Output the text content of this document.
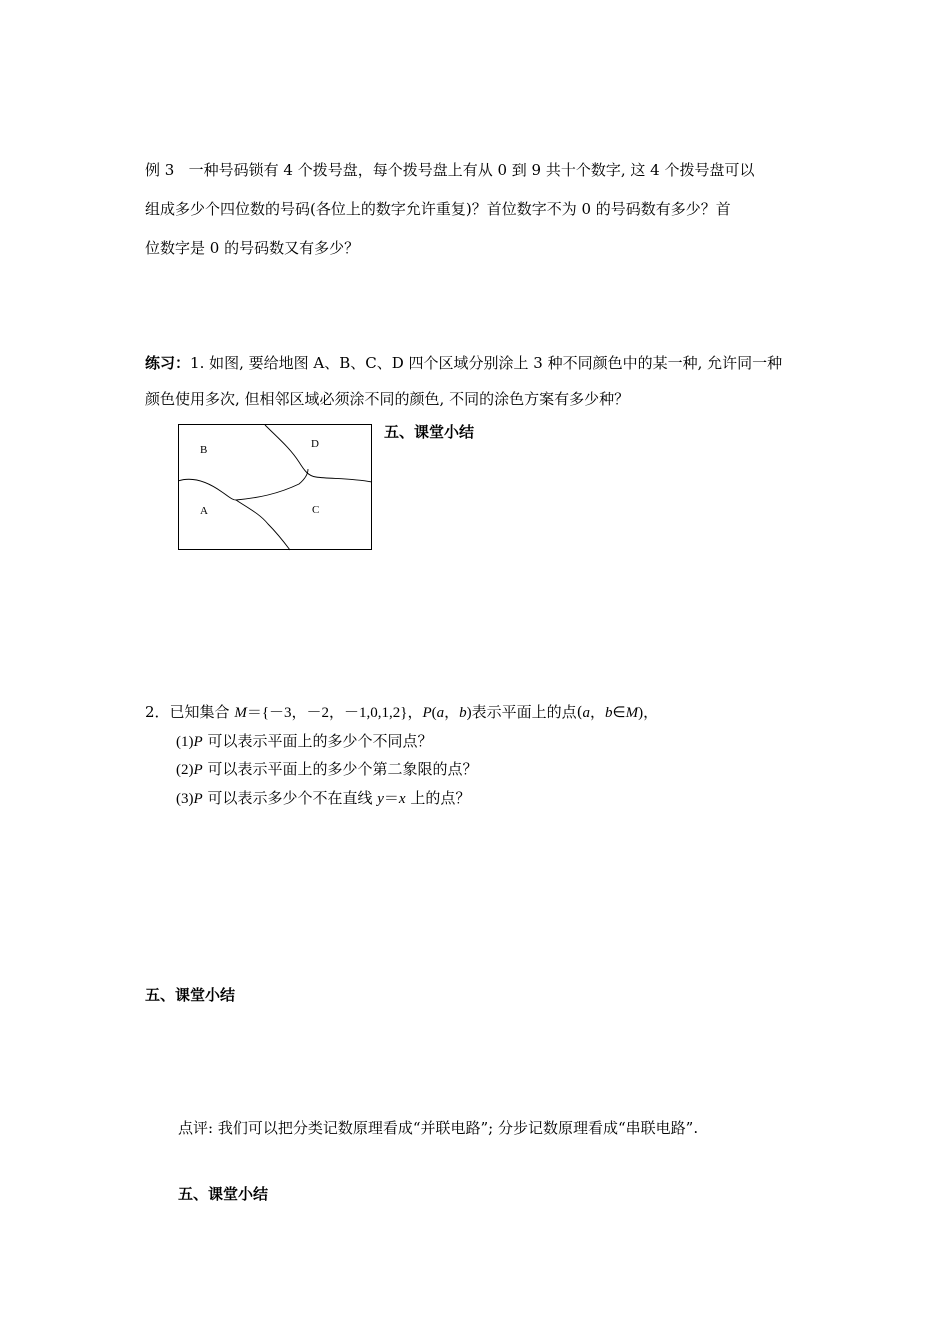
例 3 一种号码锁有 4 个拨号盘，每个拨号盘上有从 0 到 9 共十个数字, 这 4 个拨号盘可以
组成多少个四位数的号码(各位上的数字允许重复)？首位数字不为 0 的号码数有多少？首
位数字是 0 的号码数又有多少？
练习：1. 如图, 要给地图 A、B、C、D 四个区域分别涂上 3 种不同颜色中的某一种, 允许同一种
颜色使用多次, 但相邻区域必须涂不同的颜色, 不同的涂色方案有多少种？
B	D
A	C
五、课堂小结
2．已知集合 M＝{－3，－2，－1,0,1,2}，P(a，b)表示平面上的点(a，b∈M)，
(1)P 可以表示平面上的多少个不同点？
(2)P 可以表示平面上的多少个第二象限的点？
(3)P 可以表示多少个不在直线 y＝x 上的点？
五、课堂小结
点评: 我们可以把分类记数原理看成“并联电路”; 分步记数原理看成“串联电路”.
五、课堂小结
